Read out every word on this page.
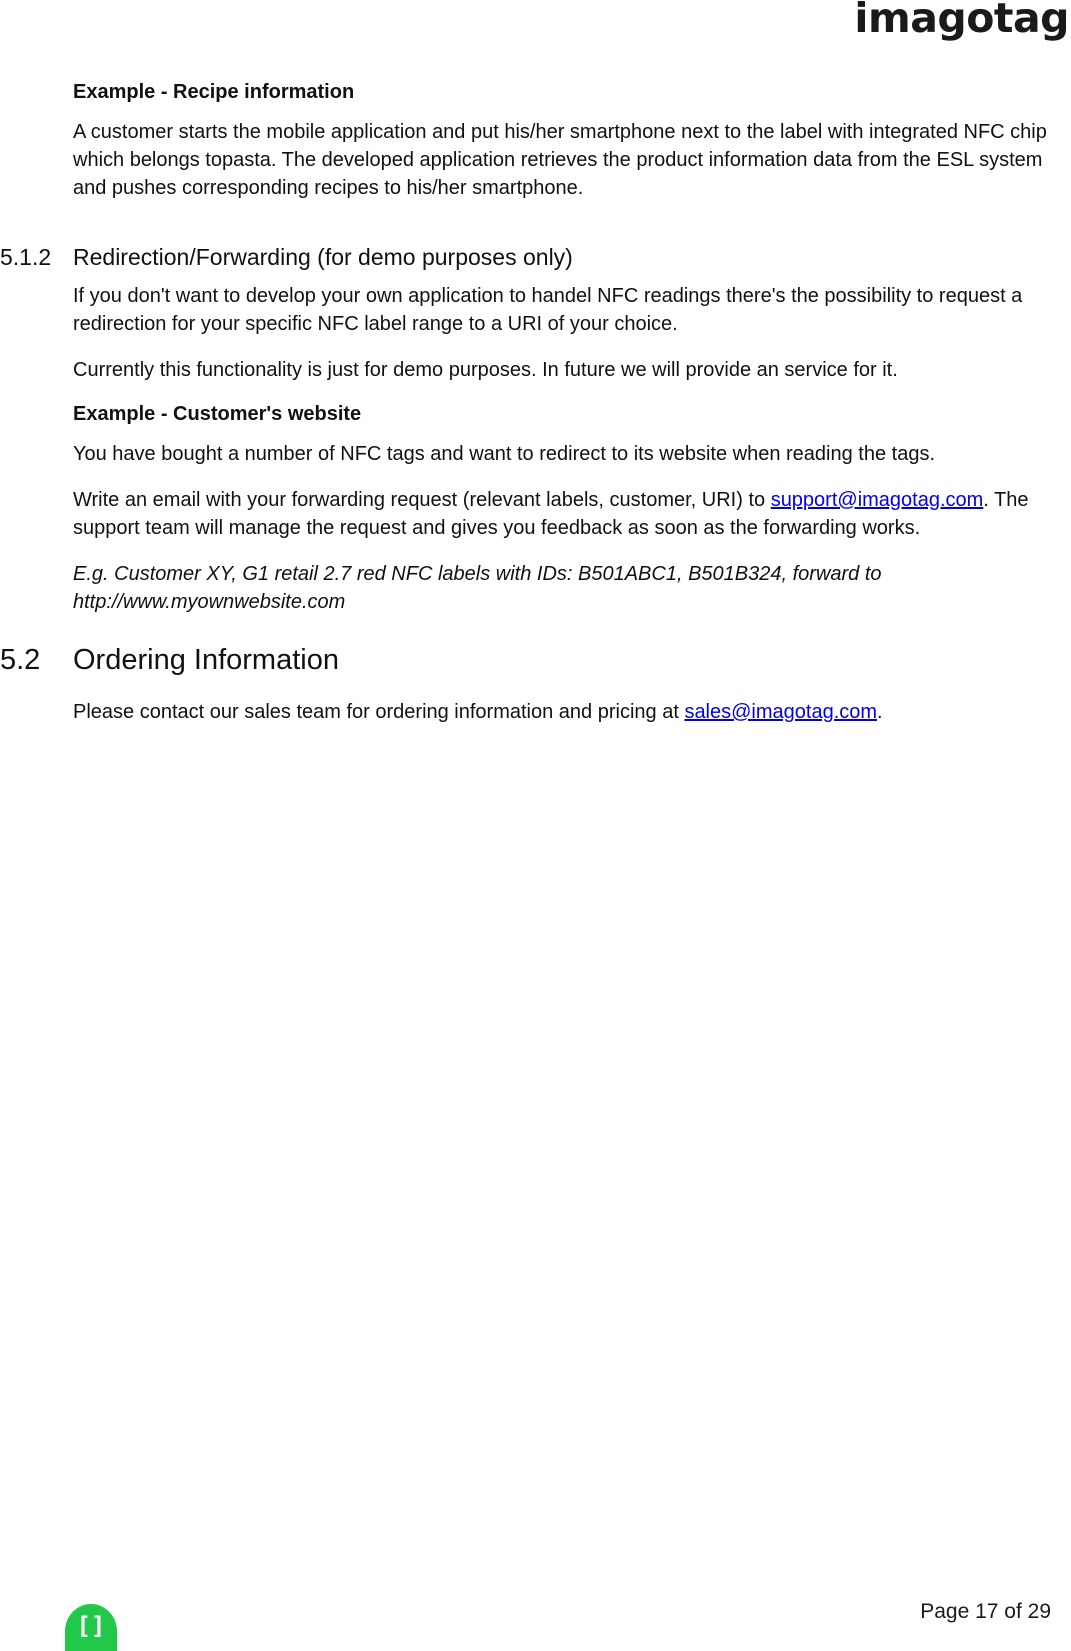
imagotag
Example - Recipe information

A customer starts the mobile application and put his/her smartphone next to the label with integrated NFC chip which belongs topasta. The developed application retrieves the product information data from the ESL system and pushes corresponding recipes to his/her smartphone.

5.1.2 Redirection/Forwarding (for demo purposes only)

If you don't want to develop your own application to handel NFC readings there's the possibility to request a redirection for your specific NFC label range to a URI of your choice.

Currently this functionality is just for demo purposes. In future we will provide an service for it.

Example - Customer's website

You have bought a number of NFC tags and want to redirect to its website when reading the tags.

Write an email with your forwarding request (relevant labels, customer, URI) to support@imagotag.com. The support team will manage the request and gives you feedback as soon as the forwarding works.

E.g. Customer XY, G1 retail 2.7 red NFC labels with IDs: B501ABC1, B501B324, forward to http://www.myownwebsite.com

5.2 Ordering Information

Please contact our sales team for ordering information and pricing at sales@imagotag.com.

[]
Page 17 of 29
